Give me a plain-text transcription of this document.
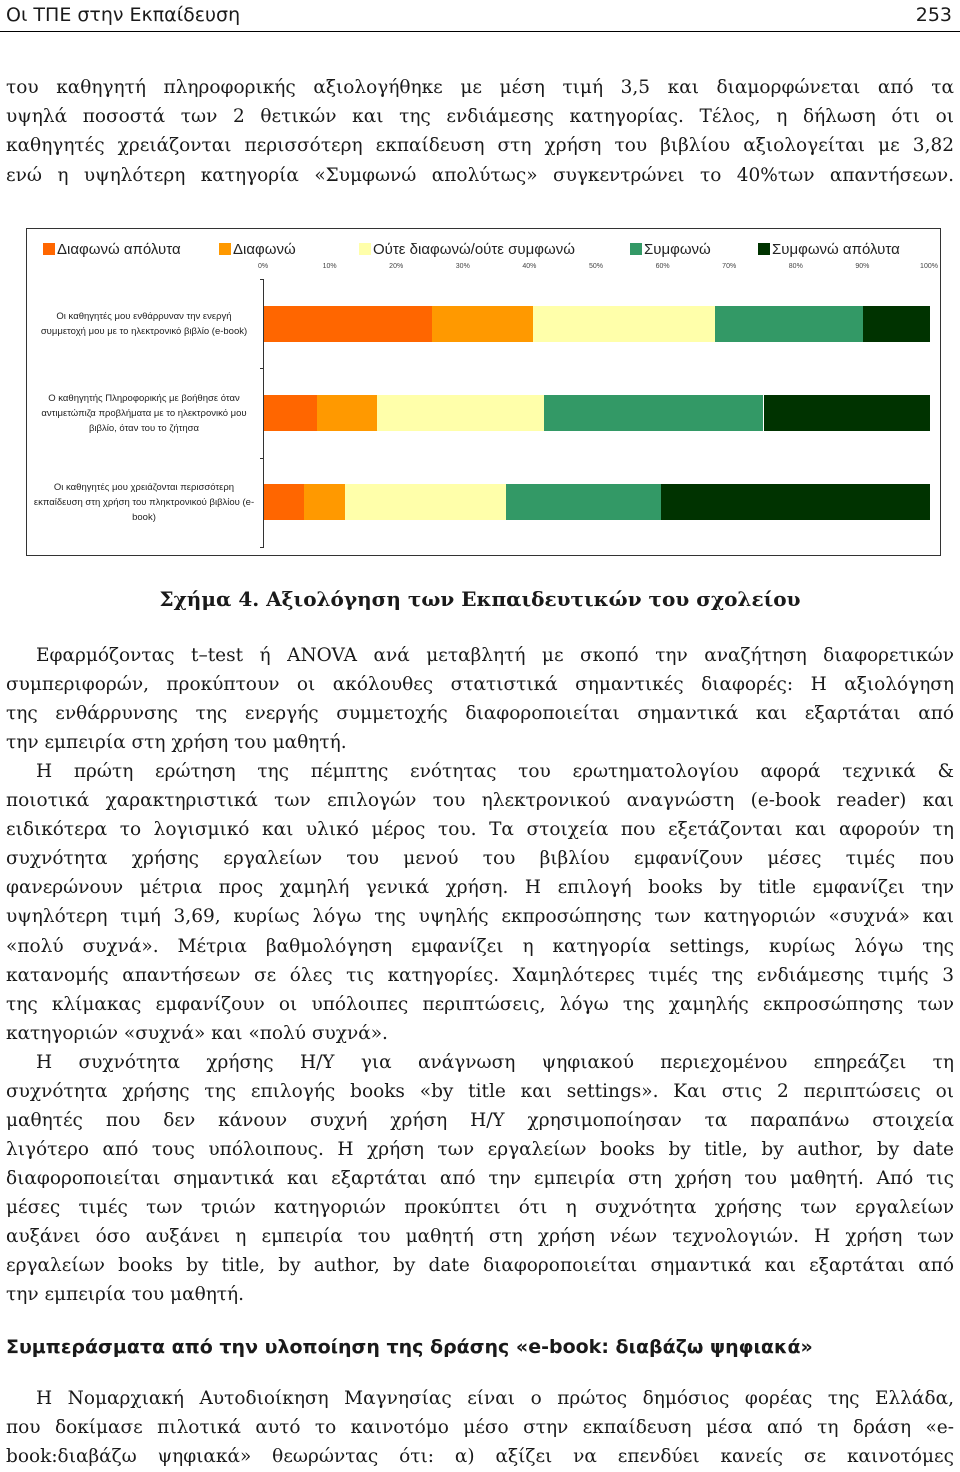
Οι ΤΠΕ στην Εκπαίδευση	253
του καθηγητή πληροφορικής αξιολογήθηκε με μέση τιμή 3,5 και διαμορφώνεται από τα
υψηλά ποσοστά των 2 θετικών και της ενδιάμεσης κατηγορίας. Τέλος, η δήλωση ότι οι
καθηγητές χρειάζονται περισσότερη εκπαίδευση στη χρήση του βιβλίου αξιολογείται με 3,82
ενώ η υψηλότερη κατηγορία «Συμφωνώ απολύτως» συγκεντρώνει το 40%των απαντήσεων.
Διαφωνώ απόλυτα	Διαφωνώ	Ούτε διαφωνώ/ούτε συμφωνώ	Συμφωνώ	Συμφωνώ απόλυτα
0%	10%	20%	30%	40%	50%	60%	70%	80%	90%	100%
Οι καθηγητές μου ενθάρρυναν την ενεργή
συμμετοχή μου με το ηλεκτρονικό βιβλίο (e-book)
Ο καθηγητής Πληροφορικής με βοήθησε όταν
αντιμετώπιζα προβλήματα με το ηλεκτρονικό μου
βιβλίο, όταν του το ζήτησα
Οι καθηγητές μου χρειάζονται περισσότερη
εκπαίδευση στη χρήση του πληκτρονικού βιβλίου (e-
book)
Σχήμα 4. Αξιολόγηση των Εκπαιδευτικών του σχολείου
Εφαρμόζοντας t–test ή ANOVA ανά μεταβλητή με σκοπό την αναζήτηση διαφορετικών
συμπεριφορών, προκύπτουν οι ακόλουθες στατιστικά σημαντικές διαφορές: Η αξιολόγηση
της ενθάρρυνσης της ενεργής συμμετοχής διαφοροποιείται σημαντικά και εξαρτάται από
την εμπειρία στη χρήση του μαθητή.
Η πρώτη ερώτηση της πέμπτης ενότητας του ερωτηματολογίου αφορά τεχνικά &
ποιοτικά χαρακτηριστικά των επιλογών του ηλεκτρονικού αναγνώστη (e-book reader) και
ειδικότερα το λογισμικό και υλικό μέρος του. Τα στοιχεία που εξετάζονται και αφορούν τη
συχνότητα χρήσης εργαλείων του μενού του βιβλίου εμφανίζουν μέσες τιμές που
φανερώνουν μέτρια προς χαμηλή γενικά χρήση. Η επιλογή books by title εμφανίζει την
υψηλότερη τιμή 3,69, κυρίως λόγω της υψηλής εκπροσώπησης των κατηγοριών «συχνά» και
«πολύ συχνά». Μέτρια βαθμολόγηση εμφανίζει η κατηγορία settings, κυρίως λόγω της
κατανομής απαντήσεων σε όλες τις κατηγορίες. Χαμηλότερες τιμές της ενδιάμεσης τιμής 3
της κλίμακας εμφανίζουν οι υπόλοιπες περιπτώσεις, λόγω της χαμηλής εκπροσώπησης των
κατηγοριών «συχνά» και «πολύ συχνά».
Η συχνότητα χρήσης Η/Υ για ανάγνωση ψηφιακού περιεχομένου επηρεάζει τη
συχνότητα χρήσης της επιλογής books «by title και settings». Και στις 2 περιπτώσεις οι
μαθητές που δεν κάνουν συχνή χρήση Η/Υ χρησιμοποίησαν τα παραπάνω στοιχεία
λιγότερο από τους υπόλοιπους. Η χρήση των εργαλείων books by title, by author, by date
διαφοροποιείται σημαντικά και εξαρτάται από την εμπειρία στη χρήση του μαθητή. Από τις
μέσες τιμές των τριών κατηγοριών προκύπτει ότι η συχνότητα χρήσης των εργαλείων
αυξάνει όσο αυξάνει η εμπειρία του μαθητή στη χρήση νέων τεχνολογιών. Η χρήση των
εργαλείων books by title, by author, by date διαφοροποιείται σημαντικά και εξαρτάται από
την εμπειρία του μαθητή.
Συμπεράσματα από την υλοποίηση της δράσης «e-book: διαβάζω ψηφιακά»
Η Νομαρχιακή Αυτοδιοίκηση Μαγνησίας είναι ο πρώτος δημόσιος φορέας της Ελλάδα,
που δοκίμασε πιλοτικά αυτό το καινοτόμο μέσο στην εκπαίδευση μέσα από τη δράση «e-
book:διαβάζω ψηφιακά» θεωρώντας ότι: α) αξίζει να επενδύει κανείς σε καινοτόμες
